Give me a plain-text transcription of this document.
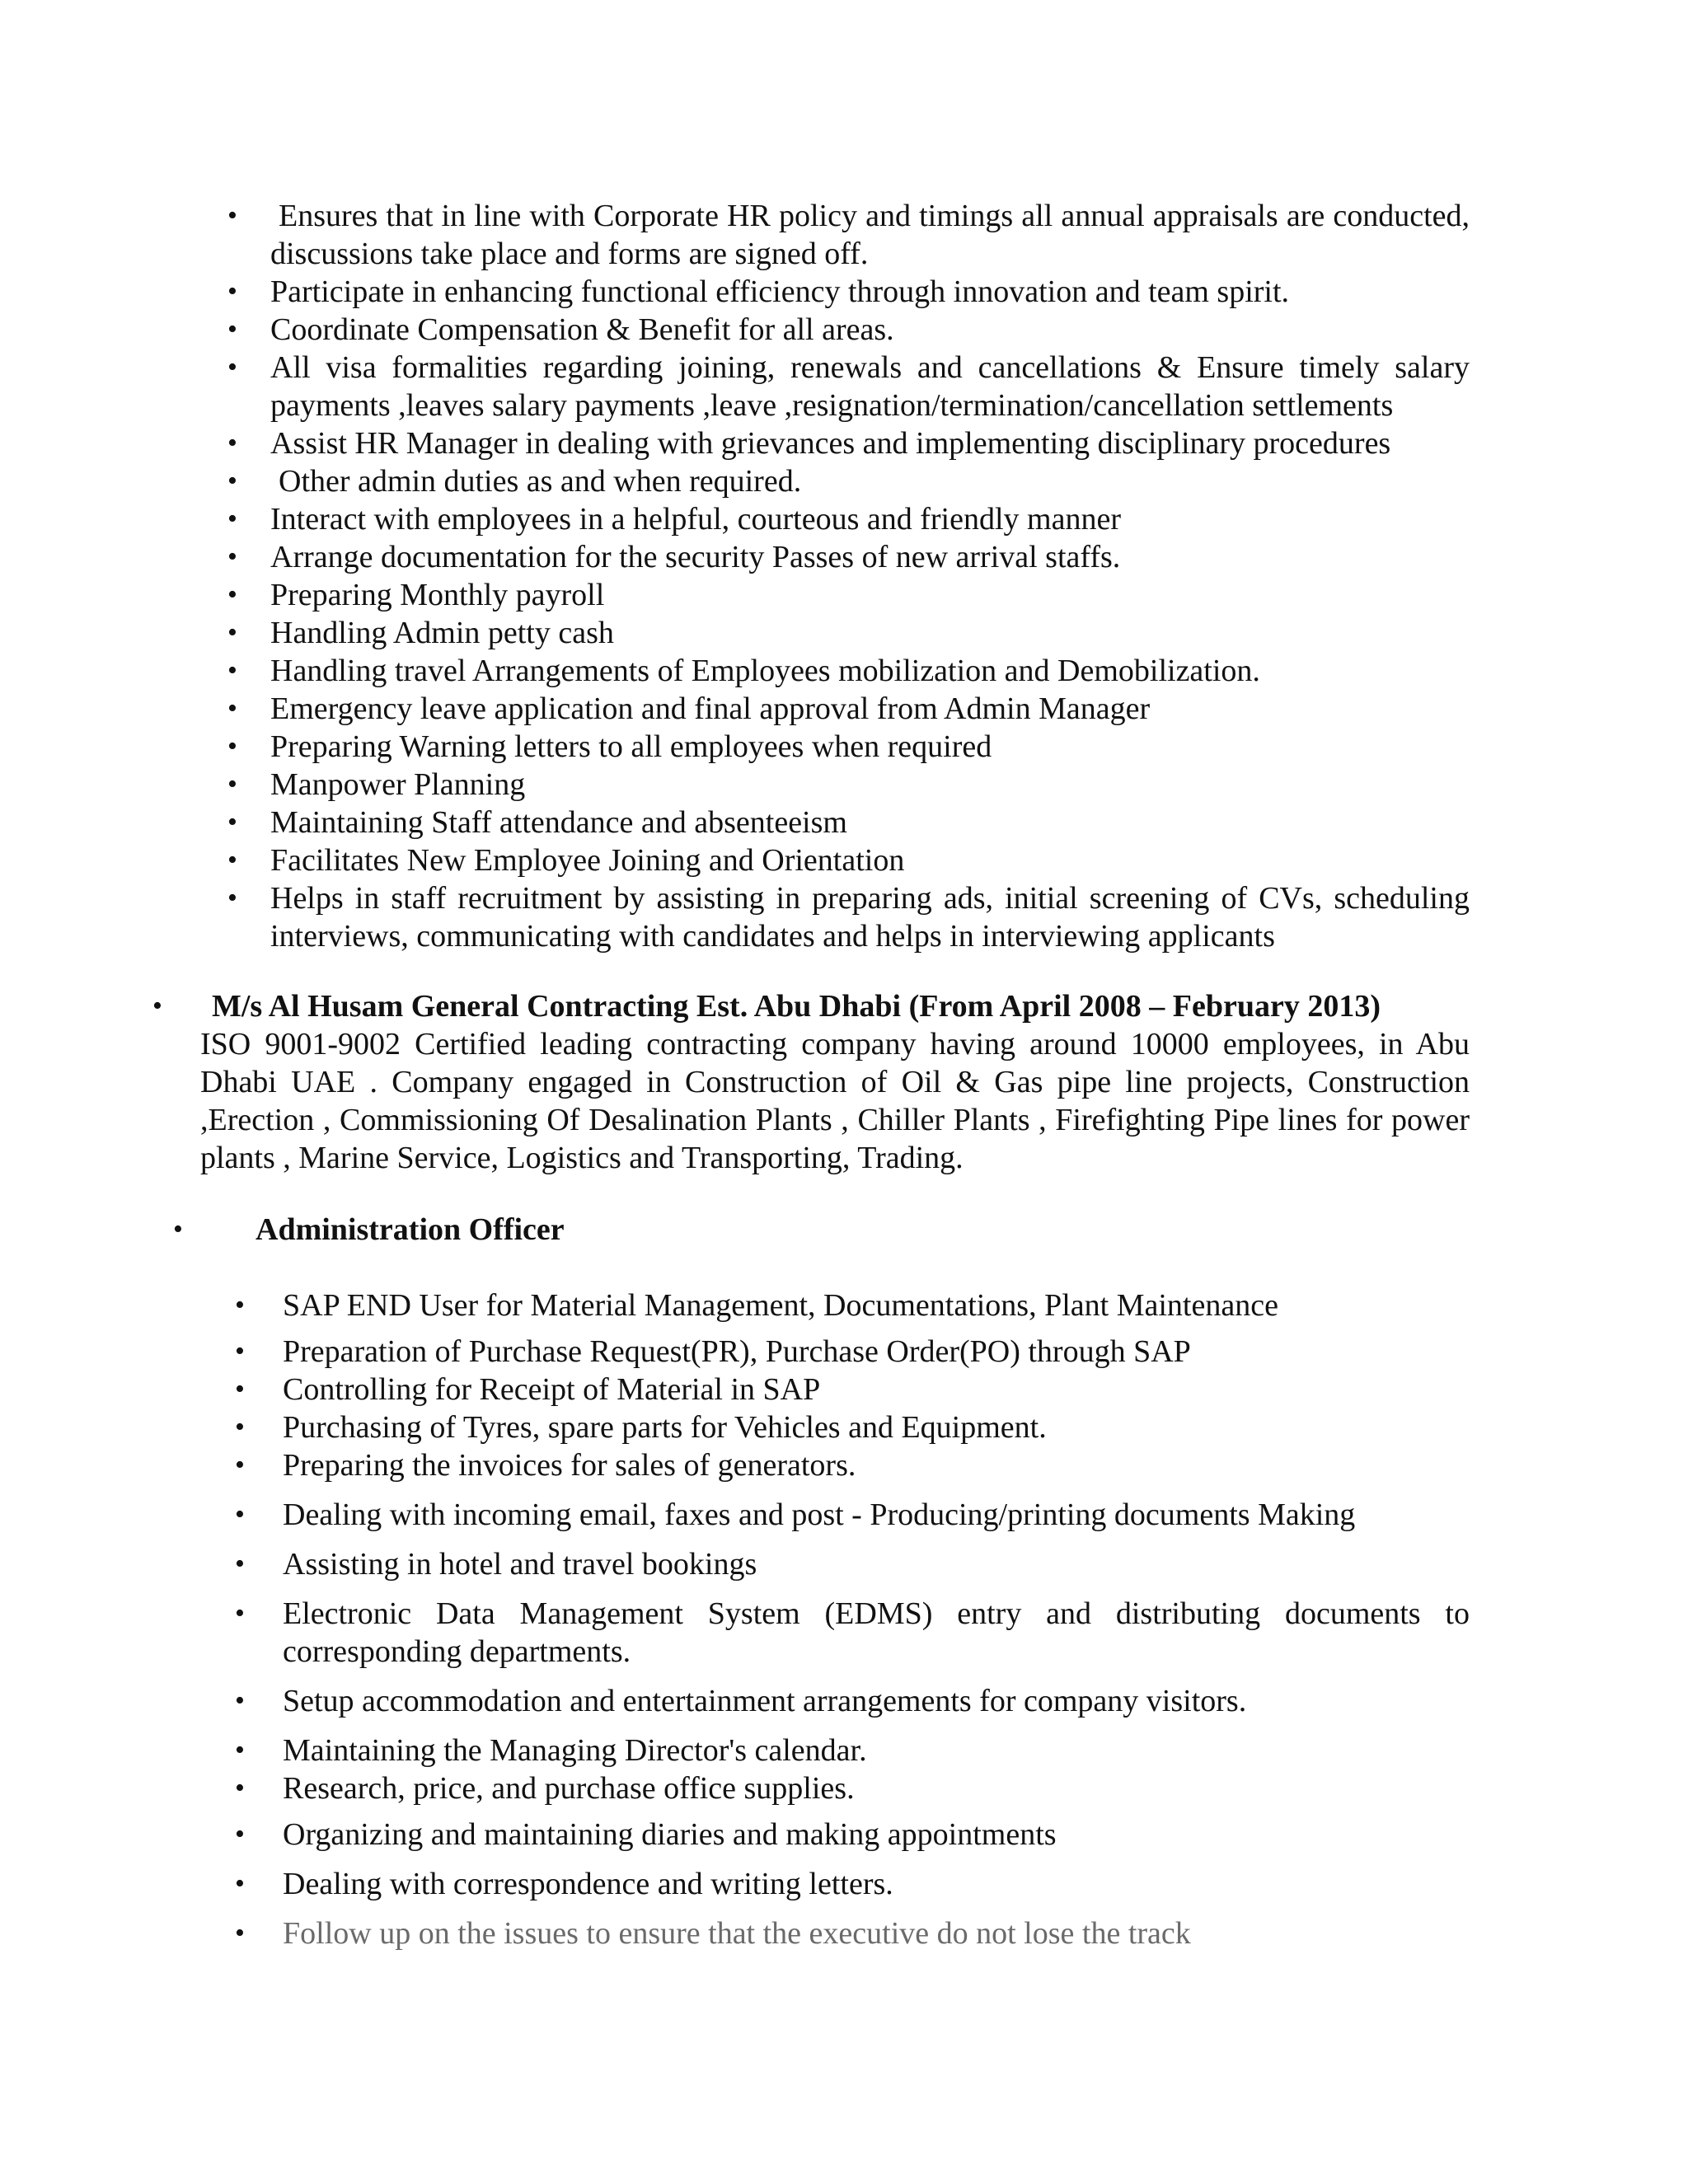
• Ensures that in line with Corporate HR policy and timings all annual appraisals are conducted, discussions take place and forms are signed off.
• Participate in enhancing functional efficiency through innovation and team spirit.
• Coordinate Compensation & Benefit for all areas.
• All visa formalities regarding joining, renewals and cancellations & Ensure timely salary payments ,leaves salary payments ,leave ,resignation/termination/cancellation settlements
• Assist HR Manager in dealing with grievances and implementing disciplinary procedures
• Other admin duties as and when required.
• Interact with employees in a helpful, courteous and friendly manner
• Arrange documentation for the security Passes of new arrival staffs.
• Preparing Monthly payroll
• Handling Admin petty cash
• Handling travel Arrangements of Employees mobilization and Demobilization.
• Emergency leave application and final approval from Admin Manager
• Preparing Warning letters to all employees when required
• Manpower Planning
• Maintaining Staff attendance and absenteeism
• Facilitates New Employee Joining and Orientation
• Helps in staff recruitment by assisting in preparing ads, initial screening of CVs, scheduling interviews, communicating with candidates and helps in interviewing applicants
• M/s Al Husam General Contracting Est. Abu Dhabi (From April 2008 – February 2013)
ISO 9001-9002 Certified leading contracting company having around 10000 employees, in Abu Dhabi UAE . Company engaged in Construction of Oil & Gas pipe line projects, Construction ,Erection , Commissioning Of Desalination Plants , Chiller Plants , Firefighting Pipe lines for power plants , Marine Service, Logistics and Transporting, Trading.
• Administration Officer
• SAP END User for Material Management, Documentations, Plant Maintenance
• Preparation of Purchase Request(PR), Purchase Order(PO) through SAP
• Controlling for Receipt of Material in SAP
• Purchasing of Tyres, spare parts for Vehicles and Equipment.
• Preparing the invoices for sales of generators.
• Dealing with incoming email, faxes and post - Producing/printing documents Making
• Assisting in hotel and travel bookings
• Electronic Data Management System (EDMS) entry and distributing documents to corresponding departments.
• Setup accommodation and entertainment arrangements for company visitors.
• Maintaining the Managing Director's calendar.
• Research, price, and purchase office supplies.
• Organizing and maintaining diaries and making appointments
• Dealing with correspondence and writing letters.
• Follow up on the issues to ensure that the executive do not lose the track
